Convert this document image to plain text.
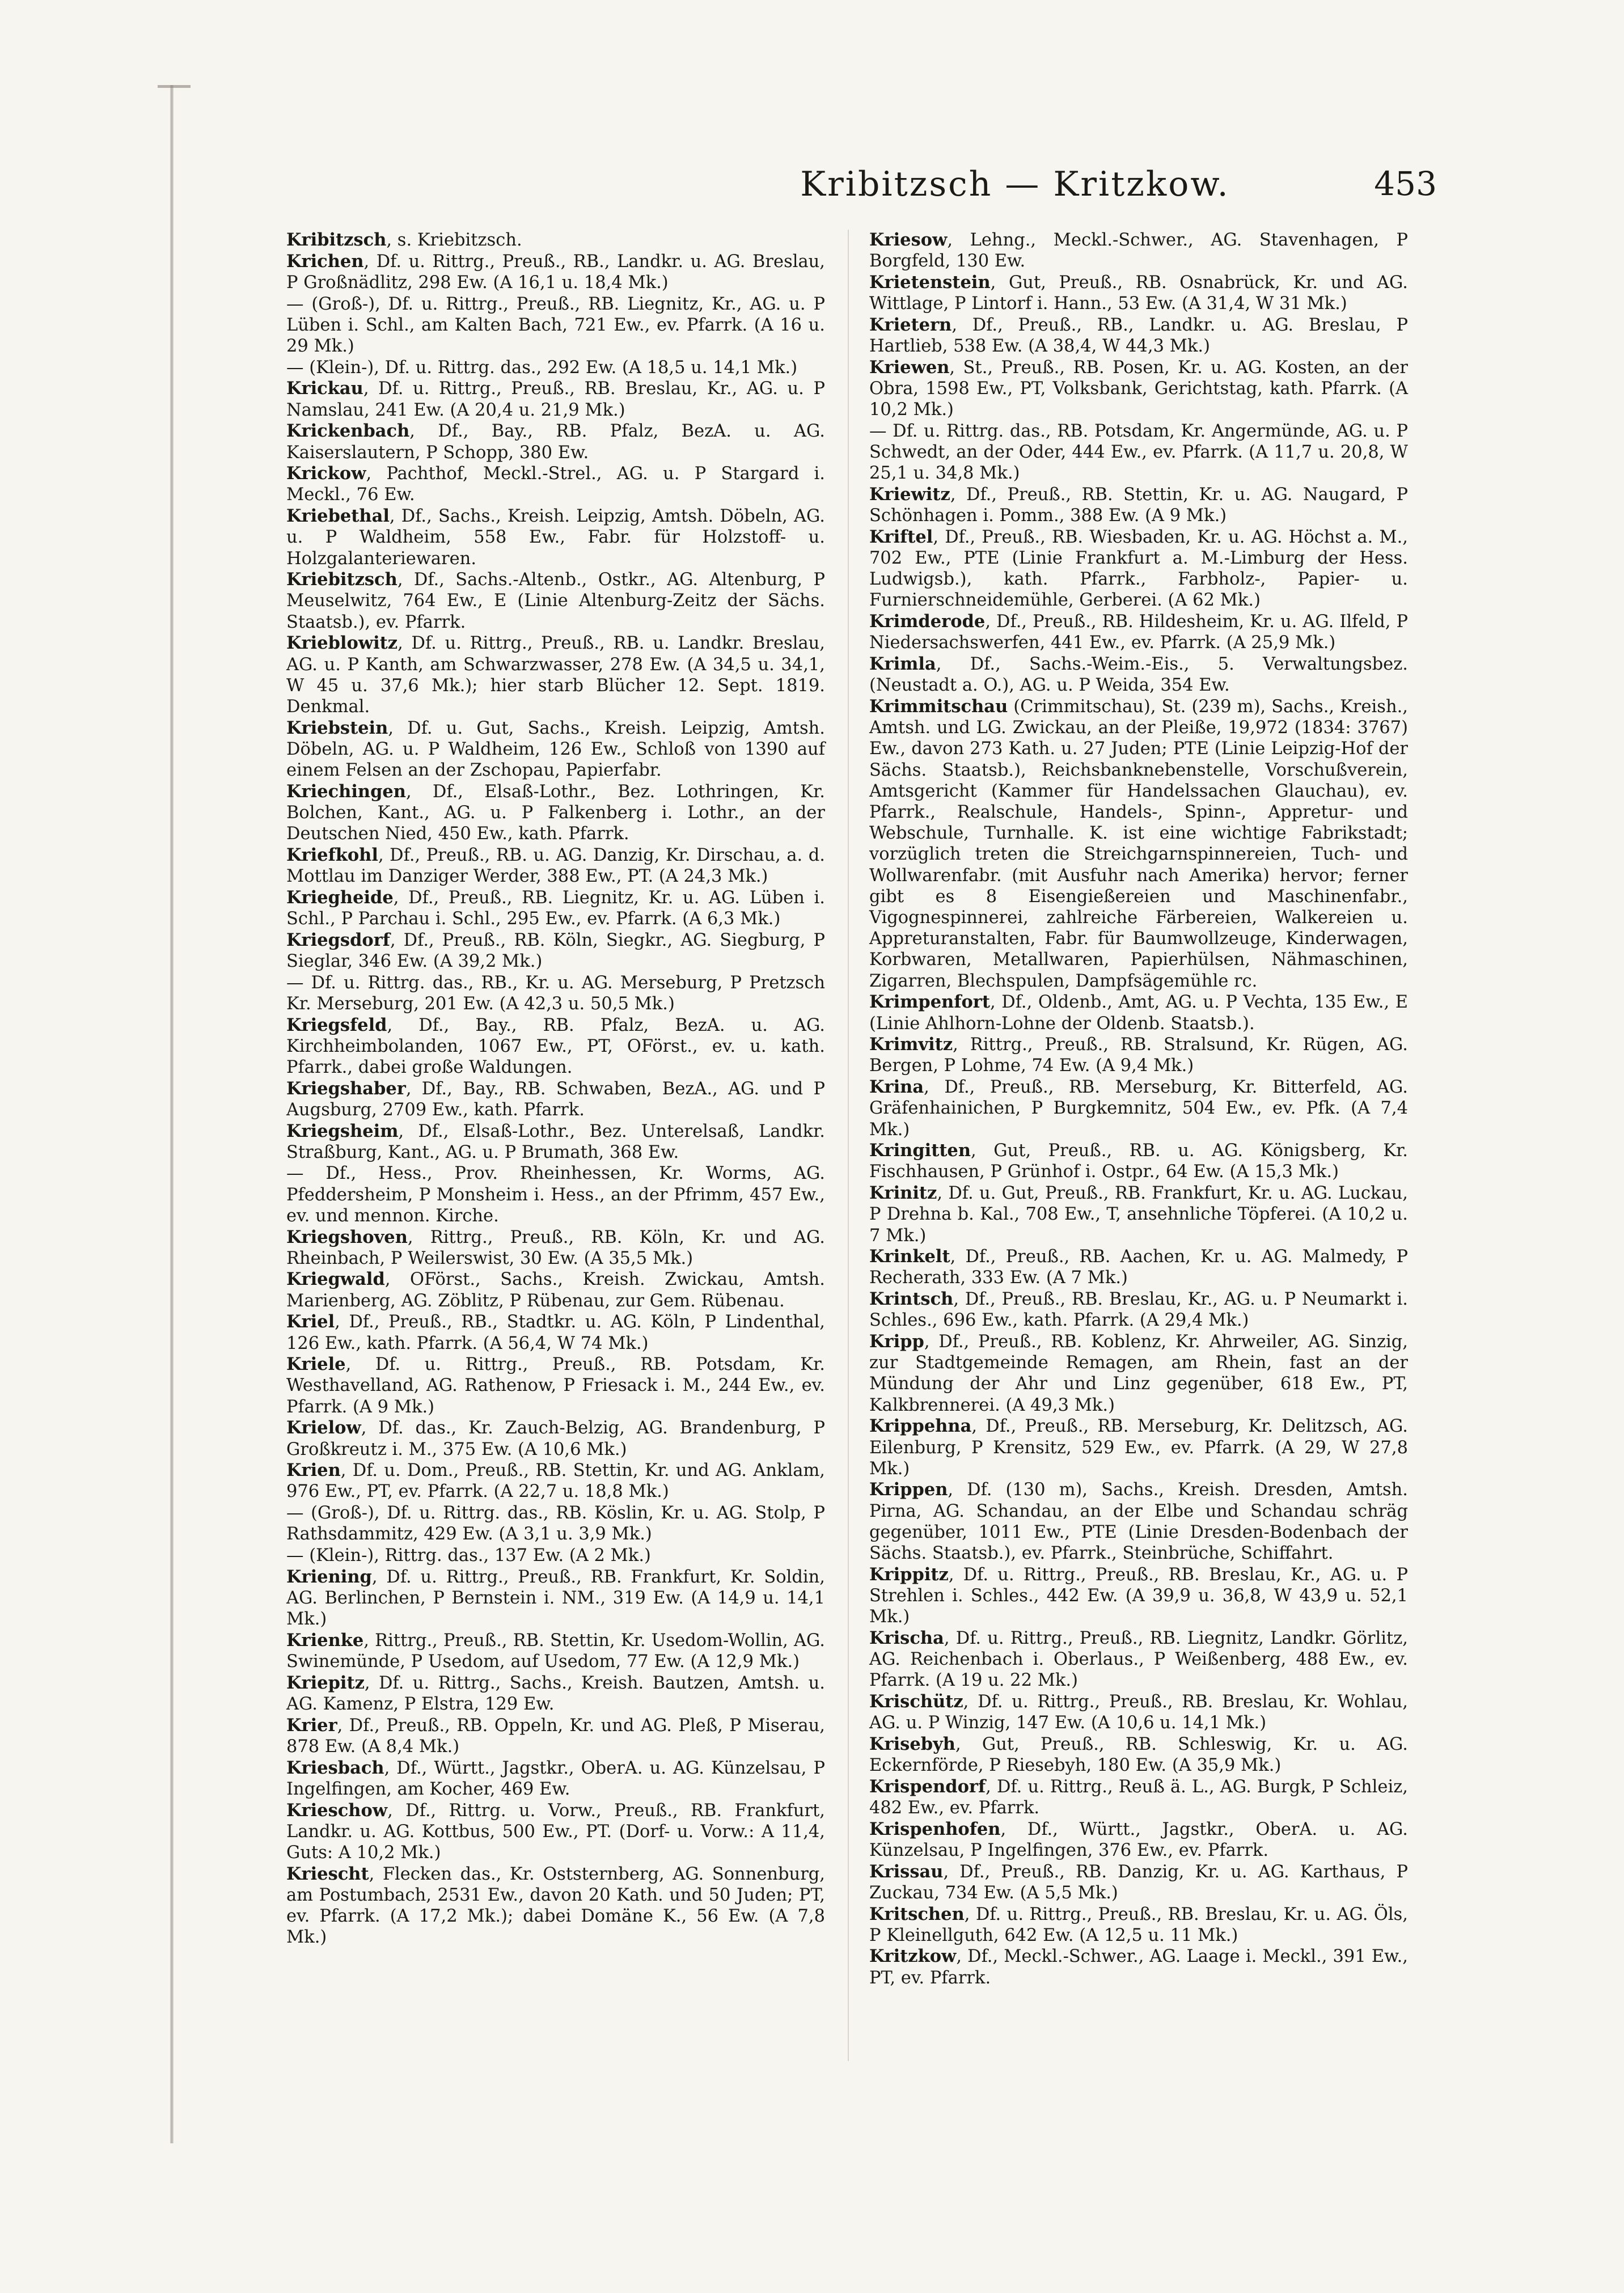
Kribitzsch — Kritzkow.	453

Kribitzsch, s. Kriebitzsch.

Krichen, Df. u. Rittrg., Preuß., RB., Landkr. u. AG. Breslau, P Großnädlitz, 298 Ew. (A 16,1 u. 18,4 Mk.)

— (Groß-), Df. u. Rittrg., Preuß., RB. Liegnitz, Kr., AG. u. P Lüben i. Schl., am Kalten Bach, 721 Ew., ev. Pfarrk. (A 16 u. 29 Mk.)

— (Klein-), Df. u. Rittrg. das., 292 Ew. (A 18,5 u. 14,1 Mk.)

Krickau, Df. u. Rittrg., Preuß., RB. Breslau, Kr., AG. u. P Namslau, 241 Ew. (A 20,4 u. 21,9 Mk.)

Krickenbach, Df., Bay., RB. Pfalz, BezA. u. AG. Kaiserslautern, P Schopp, 380 Ew.

Krickow, Pachthof, Meckl.-Strel., AG. u. P Stargard i. Meckl., 76 Ew.

Kriebethal, Df., Sachs., Kreish. Leipzig, Amtsh. Döbeln, AG. u. P Waldheim, 558 Ew., Fabr. für Holzstoff- u. Holzgalanteriewaren.

Kriebitzsch, Df., Sachs.-Altenb., Ostkr., AG. Altenburg, P Meuselwitz, 764 Ew., E (Linie Altenburg-Zeitz der Sächs. Staatsb.), ev. Pfarrk.

Krieblowitz, Df. u. Rittrg., Preuß., RB. u. Landkr. Breslau, AG. u. P Kanth, am Schwarzwasser, 278 Ew. (A 34,5 u. 34,1, W 45 u. 37,6 Mk.); hier starb Blücher 12. Sept. 1819. Denkmal.

Kriebstein, Df. u. Gut, Sachs., Kreish. Leipzig, Amtsh. Döbeln, AG. u. P Waldheim, 126 Ew., Schloß von 1390 auf einem Felsen an der Zschopau, Papierfabr.

Kriechingen, Df., Elsaß-Lothr., Bez. Lothringen, Kr. Bolchen, Kant., AG. u. P Falkenberg i. Lothr., an der Deutschen Nied, 450 Ew., kath. Pfarrk.

Kriefkohl, Df., Preuß., RB. u. AG. Danzig, Kr. Dirschau, a. d. Mottlau im Danziger Werder, 388 Ew., PT. (A 24,3 Mk.)

Kriegheide, Df., Preuß., RB. Liegnitz, Kr. u. AG. Lüben i. Schl., P Parchau i. Schl., 295 Ew., ev. Pfarrk. (A 6,3 Mk.)

Kriegsdorf, Df., Preuß., RB. Köln, Siegkr., AG. Siegburg, P Sieglar, 346 Ew. (A 39,2 Mk.)

— Df. u. Rittrg. das., RB., Kr. u. AG. Merseburg, P Pretzsch Kr. Merseburg, 201 Ew. (A 42,3 u. 50,5 Mk.)

Kriegsfeld, Df., Bay., RB. Pfalz, BezA. u. AG. Kirchheimbolanden, 1067 Ew., PT, OFörst., ev. u. kath. Pfarrk., dabei große Waldungen.

Kriegshaber, Df., Bay., RB. Schwaben, BezA., AG. und P Augsburg, 2709 Ew., kath. Pfarrk.

Kriegsheim, Df., Elsaß-Lothr., Bez. Unterelsaß, Landkr. Straßburg, Kant., AG. u. P Brumath, 368 Ew.

— Df., Hess., Prov. Rheinhessen, Kr. Worms, AG. Pfeddersheim, P Monsheim i. Hess., an der Pfrimm, 457 Ew., ev. und mennon. Kirche.

Kriegshoven, Rittrg., Preuß., RB. Köln, Kr. und AG. Rheinbach, P Weilerswist, 30 Ew. (A 35,5 Mk.)

Kriegwald, OFörst., Sachs., Kreish. Zwickau, Amtsh. Marienberg, AG. Zöblitz, P Rübenau, zur Gem. Rübenau.

Kriel, Df., Preuß., RB., Stadtkr. u. AG. Köln, P Lindenthal, 126 Ew., kath. Pfarrk. (A 56,4, W 74 Mk.)

Kriele, Df. u. Rittrg., Preuß., RB. Potsdam, Kr. Westhavelland, AG. Rathenow, P Friesack i. M., 244 Ew., ev. Pfarrk. (A 9 Mk.)

Krielow, Df. das., Kr. Zauch-Belzig, AG. Brandenburg, P Großkreutz i. M., 375 Ew. (A 10,6 Mk.)

Krien, Df. u. Dom., Preuß., RB. Stettin, Kr. und AG. Anklam, 976 Ew., PT, ev. Pfarrk. (A 22,7 u. 18,8 Mk.)

— (Groß-), Df. u. Rittrg. das., RB. Köslin, Kr. u. AG. Stolp, P Rathsdammitz, 429 Ew. (A 3,1 u. 3,9 Mk.)

— (Klein-), Rittrg. das., 137 Ew. (A 2 Mk.)

Kriening, Df. u. Rittrg., Preuß., RB. Frankfurt, Kr. Soldin, AG. Berlinchen, P Bernstein i. NM., 319 Ew. (A 14,9 u. 14,1 Mk.)

Krienke, Rittrg., Preuß., RB. Stettin, Kr. Usedom-Wollin, AG. Swinemünde, P Usedom, auf Usedom, 77 Ew. (A 12,9 Mk.)

Kriepitz, Df. u. Rittrg., Sachs., Kreish. Bautzen, Amtsh. u. AG. Kamenz, P Elstra, 129 Ew.

Krier, Df., Preuß., RB. Oppeln, Kr. und AG. Pleß, P Miserau, 878 Ew. (A 8,4 Mk.)

Kriesbach, Df., Württ., Jagstkr., OberA. u. AG. Künzelsau, P Ingelfingen, am Kocher, 469 Ew.

Krieschow, Df., Rittrg. u. Vorw., Preuß., RB. Frankfurt, Landkr. u. AG. Kottbus, 500 Ew., PT. (Dorf- u. Vorw.: A 11,4, Guts: A 10,2 Mk.)

Kriescht, Flecken das., Kr. Oststernberg, AG. Sonnenburg, am Postumbach, 2531 Ew., davon 20 Kath. und 50 Juden; PT, ev. Pfarrk. (A 17,2 Mk.); dabei Domäne K., 56 Ew. (A 7,8 Mk.)

Kriesow, Lehng., Meckl.-Schwer., AG. Stavenhagen, P Borgfeld, 130 Ew.

Krietenstein, Gut, Preuß., RB. Osnabrück, Kr. und AG. Wittlage, P Lintorf i. Hann., 53 Ew. (A 31,4, W 31 Mk.)

Krietern, Df., Preuß., RB., Landkr. u. AG. Breslau, P Hartlieb, 538 Ew. (A 38,4, W 44,3 Mk.)

Kriewen, St., Preuß., RB. Posen, Kr. u. AG. Kosten, an der Obra, 1598 Ew., PT, Volksbank, Gerichtstag, kath. Pfarrk. (A 10,2 Mk.)

— Df. u. Rittrg. das., RB. Potsdam, Kr. Angermünde, AG. u. P Schwedt, an der Oder, 444 Ew., ev. Pfarrk. (A 11,7 u. 20,8, W 25,1 u. 34,8 Mk.)

Kriewitz, Df., Preuß., RB. Stettin, Kr. u. AG. Naugard, P Schönhagen i. Pomm., 388 Ew. (A 9 Mk.)

Kriftel, Df., Preuß., RB. Wiesbaden, Kr. u. AG. Höchst a. M., 702 Ew., PTE (Linie Frankfurt a. M.-Limburg der Hess. Ludwigsb.), kath. Pfarrk., Farbholz-, Papier- u. Furnierschneidemühle, Gerberei. (A 62 Mk.)

Krimderode, Df., Preuß., RB. Hildesheim, Kr. u. AG. Ilfeld, P Niedersachswerfen, 441 Ew., ev. Pfarrk. (A 25,9 Mk.)

Krimla, Df., Sachs.-Weim.-Eis., 5. Verwaltungsbez. (Neustadt a. O.), AG. u. P Weida, 354 Ew.

Krimmitschau (Crimmitschau), St. (239 m), Sachs., Kreish., Amtsh. und LG. Zwickau, an der Pleiße, 19,972 (1834: 3767) Ew., davon 273 Kath. u. 27 Juden; PTE (Linie Leipzig-Hof der Sächs. Staatsb.), Reichsbanknebenstelle, Vorschußverein, Amtsgericht (Kammer für Handelssachen Glauchau), ev. Pfarrk., Realschule, Handels-, Spinn-, Appretur- und Webschule, Turnhalle. K. ist eine wichtige Fabrikstadt; vorzüglich treten die Streichgarnspinnereien, Tuch- und Wollwarenfabr. (mit Ausfuhr nach Amerika) hervor; ferner gibt es 8 Eisengießereien und Maschinenfabr., Vigognespinnerei, zahlreiche Färbereien, Walkereien u. Appreturanstalten, Fabr. für Baumwollzeuge, Kinderwagen, Korbwaren, Metallwaren, Papierhülsen, Nähmaschinen, Zigarren, Blechspulen, Dampfsägemühle rc.

Krimpenfort, Df., Oldenb., Amt, AG. u. P Vechta, 135 Ew., E (Linie Ahlhorn-Lohne der Oldenb. Staatsb.).

Krimvitz, Rittrg., Preuß., RB. Stralsund, Kr. Rügen, AG. Bergen, P Lohme, 74 Ew. (A 9,4 Mk.)

Krina, Df., Preuß., RB. Merseburg, Kr. Bitterfeld, AG. Gräfenhainichen, P Burgkemnitz, 504 Ew., ev. Pfk. (A 7,4 Mk.)

Kringitten, Gut, Preuß., RB. u. AG. Königsberg, Kr. Fischhausen, P Grünhof i. Ostpr., 64 Ew. (A 15,3 Mk.)

Krinitz, Df. u. Gut, Preuß., RB. Frankfurt, Kr. u. AG. Luckau, P Drehna b. Kal., 708 Ew., T, ansehnliche Töpferei. (A 10,2 u. 7 Mk.)

Krinkelt, Df., Preuß., RB. Aachen, Kr. u. AG. Malmedy, P Recherath, 333 Ew. (A 7 Mk.)

Krintsch, Df., Preuß., RB. Breslau, Kr., AG. u. P Neumarkt i. Schles., 696 Ew., kath. Pfarrk. (A 29,4 Mk.)

Kripp, Df., Preuß., RB. Koblenz, Kr. Ahrweiler, AG. Sinzig, zur Stadtgemeinde Remagen, am Rhein, fast an der Mündung der Ahr und Linz gegenüber, 618 Ew., PT, Kalkbrennerei. (A 49,3 Mk.)

Krippehna, Df., Preuß., RB. Merseburg, Kr. Delitzsch, AG. Eilenburg, P Krensitz, 529 Ew., ev. Pfarrk. (A 29, W 27,8 Mk.)

Krippen, Df. (130 m), Sachs., Kreish. Dresden, Amtsh. Pirna, AG. Schandau, an der Elbe und Schandau schräg gegenüber, 1011 Ew., PTE (Linie Dresden-Bodenbach der Sächs. Staatsb.), ev. Pfarrk., Steinbrüche, Schiffahrt.

Krippitz, Df. u. Rittrg., Preuß., RB. Breslau, Kr., AG. u. P Strehlen i. Schles., 442 Ew. (A 39,9 u. 36,8, W 43,9 u. 52,1 Mk.)

Krischa, Df. u. Rittrg., Preuß., RB. Liegnitz, Landkr. Görlitz, AG. Reichenbach i. Oberlaus., P Weißenberg, 488 Ew., ev. Pfarrk. (A 19 u. 22 Mk.)

Krischütz, Df. u. Rittrg., Preuß., RB. Breslau, Kr. Wohlau, AG. u. P Winzig, 147 Ew. (A 10,6 u. 14,1 Mk.)

Krisebyh, Gut, Preuß., RB. Schleswig, Kr. u. AG. Eckernförde, P Riesebyh, 180 Ew. (A 35,9 Mk.)

Krispendorf, Df. u. Rittrg., Reuß ä. L., AG. Burgk, P Schleiz, 482 Ew., ev. Pfarrk.

Krispenhofen, Df., Württ., Jagstkr., OberA. u. AG. Künzelsau, P Ingelfingen, 376 Ew., ev. Pfarrk.

Krissau, Df., Preuß., RB. Danzig, Kr. u. AG. Karthaus, P Zuckau, 734 Ew. (A 5,5 Mk.)

Kritschen, Df. u. Rittrg., Preuß., RB. Breslau, Kr. u. AG. Öls, P Kleinellguth, 642 Ew. (A 12,5 u. 11 Mk.)

Kritzkow, Df., Meckl.-Schwer., AG. Laage i. Meckl., 391 Ew., PT, ev. Pfarrk.
